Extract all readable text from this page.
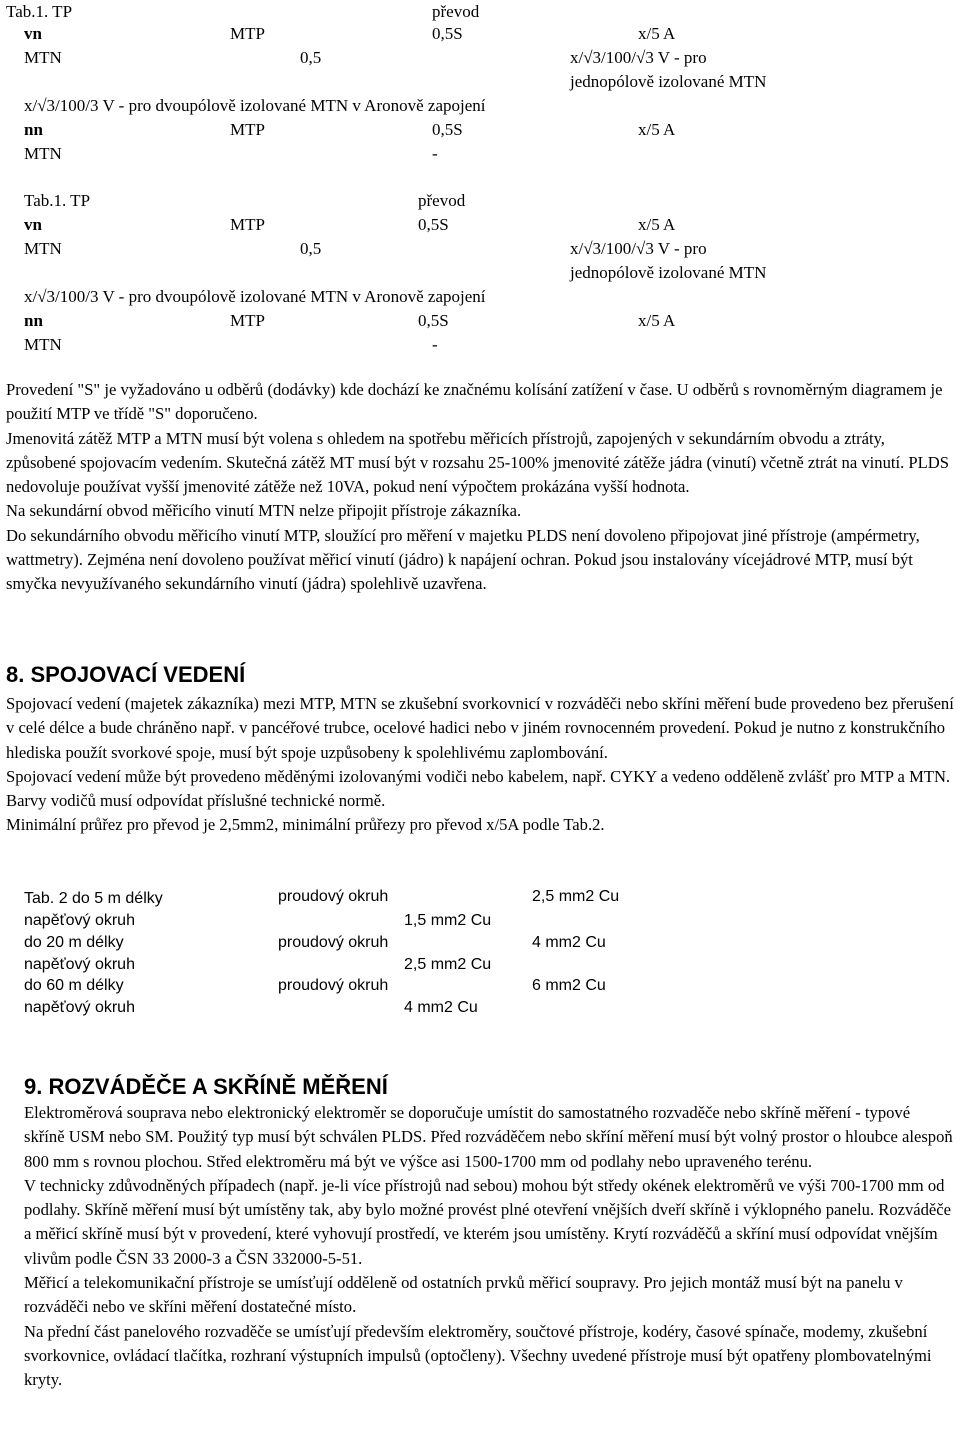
Tab.1. TP	převod
vn	MTP	0,5S	x/5 A
MTN	0,5	x/√3/100/√3 V - pro
jednopólově izolované MTN
x/√3/100/3 V - pro dvoupólově izolované MTN v Aronově zapojení
nn	MTP	0,5S	x/5 A
MTN	-
Tab.1. TP	převod
vn	MTP	0,5S	x/5 A
MTN	0,5	x/√3/100/√3 V - pro
jednopólově izolované MTN
x/√3/100/3 V - pro dvoupólově izolované MTN v Aronově zapojení
nn	MTP	0,5S	x/5 A
MTN	-

Provedení "S" je vyžadováno u odběrů (dodávky) kde dochází ke značnému kolísání zatížení v čase. U odběrů s rovnoměrným diagramem je použití MTP ve třídě "S" doporučeno.

Jmenovitá zátěž MTP a MTN musí být volena s ohledem na spotřebu měřicích přístrojů, zapojených v sekundárním obvodu a ztráty, způsobené spojovacím vedením. Skutečná zátěž MT musí být v rozsahu 25-100% jmenovité zátěže jádra (vinutí) včetně ztrát na vinutí. PLDS nedovoluje používat vyšší jmenovité zátěže než 10VA, pokud není výpočtem prokázána vyšší hodnota.

Na sekundární obvod měřicího vinutí MTN nelze připojit přístroje zákazníka.

Do sekundárního obvodu měřicího vinutí MTP, sloužící pro měření v majetku PLDS není dovoleno připojovat jiné přístroje (ampérmetry, wattmetry). Zejména není dovoleno používat měřicí vinutí (jádro) k napájení ochran. Pokud jsou instalovány vícejádrové MTP, musí být smyčka nevyužívaného sekundárního vinutí (jádra) spolehlivě uzavřena.

8. SPOJOVACÍ VEDENÍ

Spojovací vedení (majetek zákazníka) mezi MTP, MTN se zkušební svorkovnicí v rozváděči nebo skříni měření bude provedeno bez přerušení v celé délce a bude chráněno např. v pancéřové trubce, ocelové hadici nebo v jiném rovnocenném provedení. Pokud je nutno z konstrukčního hlediska použít svorkové spoje, musí být spoje uzpůsobeny k spolehlivému zaplombování.

Spojovací vedení může být provedeno měděnými izolovanými vodiči nebo kabelem, např. CYKY a vedeno odděleně zvlášť pro MTP a MTN. Barvy vodičů musí odpovídat příslušné technické normě.

Minimální průřez pro převod je 2,5mm2, minimální průřezy pro převod x/5A podle Tab.2.

Tab. 2 do 5 m délky	proudový okruh	2,5 mm2 Cu
napěťový okruh	1,5 mm2 Cu
do 20 m délky	proudový okruh	4 mm2 Cu
napěťový okruh	2,5 mm2 Cu
do 60 m délky	proudový okruh	6 mm2 Cu
napěťový okruh	4 mm2 Cu
9. ROZVÁDĚČE A SKŘÍNĚ MĚŘENÍ

Elektroměrová souprava nebo elektronický elektroměr se doporučuje umístit do samostatného rozvaděče nebo skříně měření - typové skříně USM nebo SM. Použitý typ musí být schválen PLDS. Před rozváděčem nebo skříní měření musí být volný prostor o hloubce alespoň 800 mm s rovnou plochou. Střed elektroměru má být ve výšce asi 1500-1700 mm od podlahy nebo upraveného terénu.

V technicky zdůvodněných případech (např. je-li více přístrojů nad sebou) mohou být středy okének elektroměrů ve výši 700-1700 mm od podlahy. Skříně měření musí být umístěny tak, aby bylo možné provést plné otevření vnějších dveří skříně i výklopného panelu. Rozváděče a měřicí skříně musí být v provedení, které vyhovují prostředí, ve kterém jsou umístěny. Krytí rozváděčů a skříní musí odpovídat vnějším vlivům podle ČSN 33 2000-3 a ČSN 332000-5-51.

Měřicí a telekomunikační přístroje se umísťují odděleně od ostatních prvků měřicí soupravy. Pro jejich montáž musí být na panelu v rozváděči nebo ve skříni měření dostatečné místo.

Na přední část panelového rozvaděče se umísťují především elektroměry, součtové přístroje, kodéry, časové spínače, modemy, zkušební svorkovnice, ovládací tlačítka, rozhraní výstupních impulsů (optočleny). Všechny uvedené přístroje musí být opatřeny plombovatelnými kryty.
